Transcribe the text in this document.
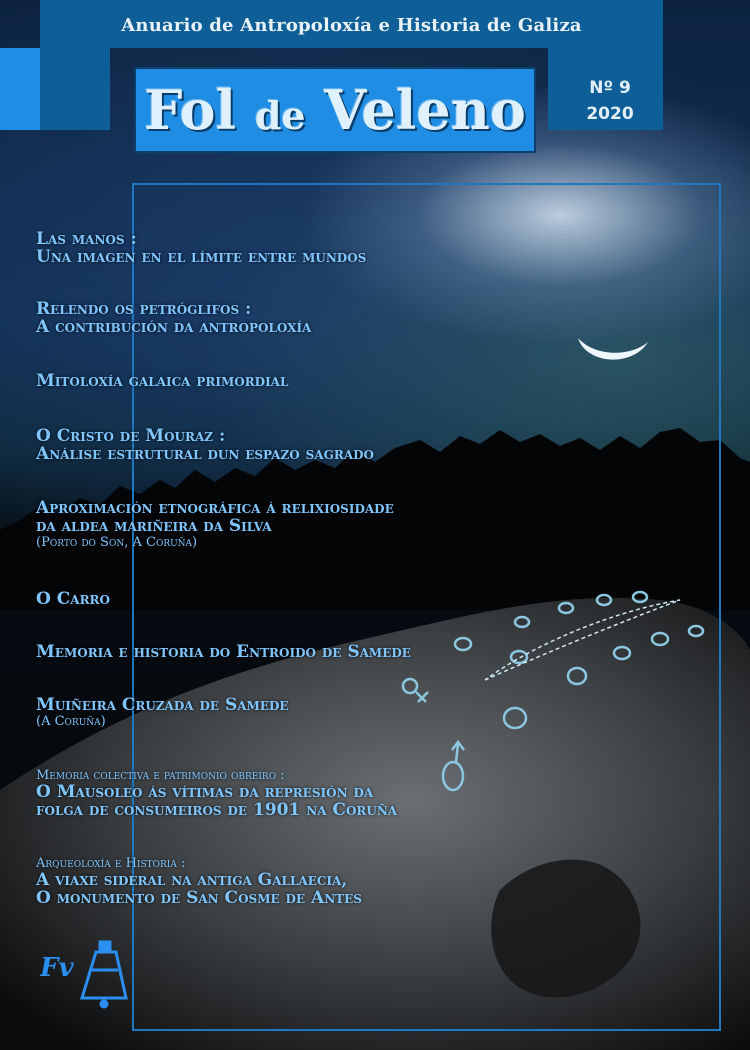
Anuario de Antropoloxía e Historia de Galiza
Fol de Veleno	Nº 9
2020
Las manos :
Una imagen en el límite entre mundos
Relendo os petróglifos :
A contribución da antropoloxía
Mitoloxía galaica primordial
O Cristo de Mouraz :
Análise estrutural dun espazo sagrado
Aproximación etnográfica á relixiosidade
da aldea mariñeira da Silva
(Porto do Son, A Coruña)
O Carro
Memoria e historia do Entroido de Samede
Muiñeira Cruzada de Samede
(A Coruña)
Memoria colectiva e patrimonio obreiro :
O Mausoleo ás vítimas da represión da
folga de consumeiros de 1901 na Coruña
Arqueoloxía e Historia :
A viaxe sideral na antiga Gallaecia,
O monumento de San Cosme de Antes
Fv
